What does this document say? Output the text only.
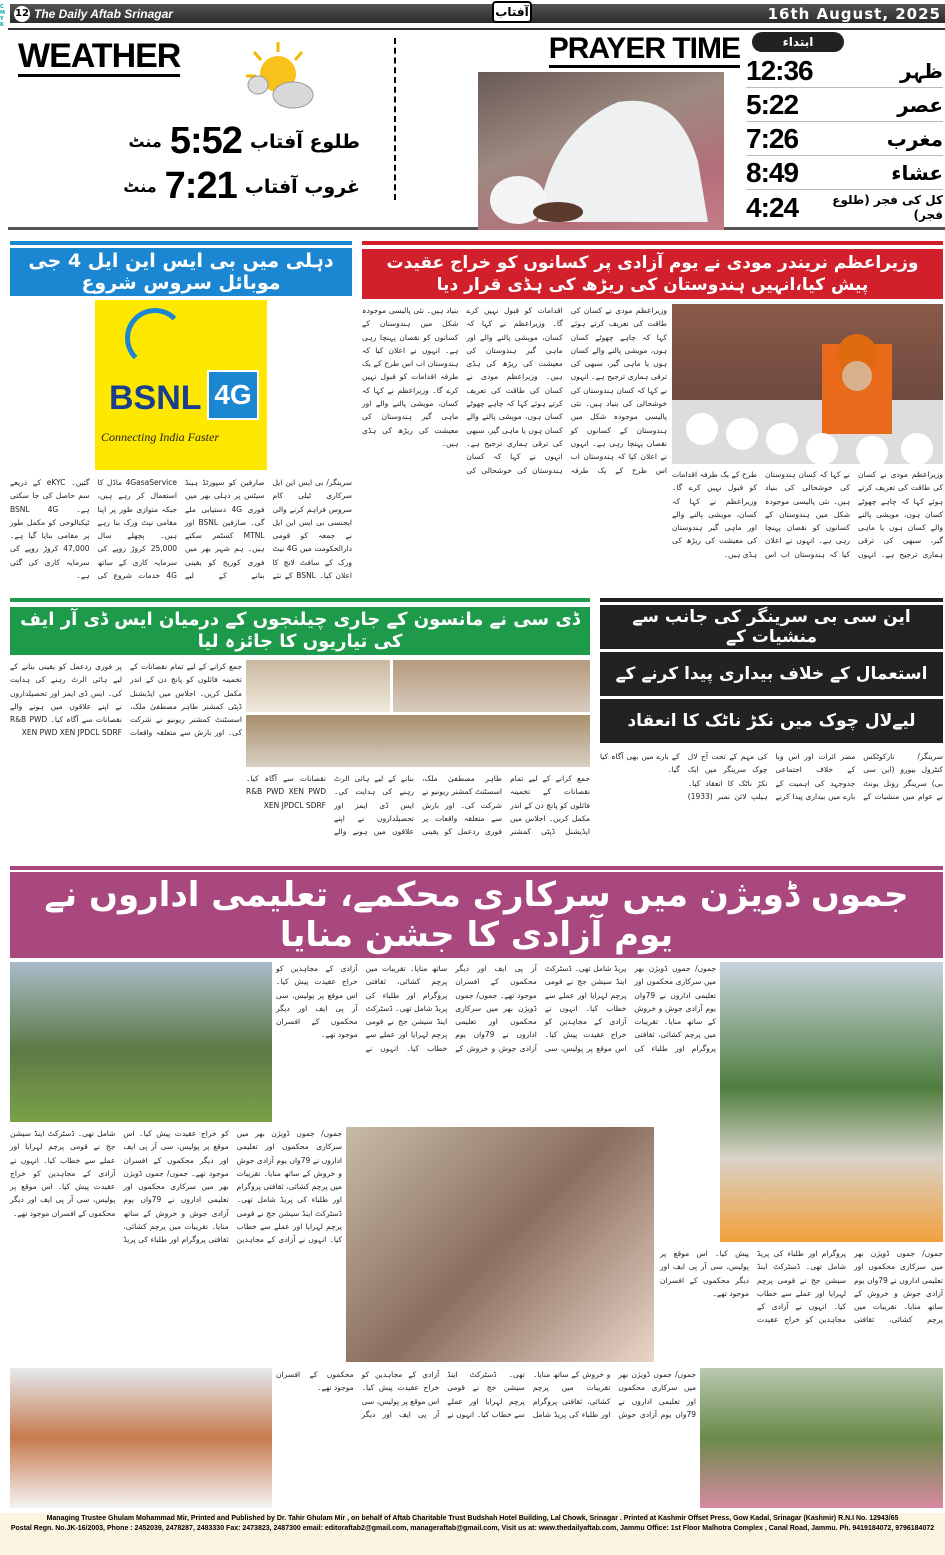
C
M
Y
K
12 The Daily Aftab Srinagar	16th August, 2025
آفتاب
WEATHER
منٹ 5:52 طلوع آفتاب
منٹ 7:21 غروب آفتاب
PRAYER TIME	ابتداء
12:36	ظہر
5:22	عصر
7:26	مغرب
8:49	عشاء
4:24	کل کی فجر (طلوع فجر)
دہلی میں بی ایس این ایل 4 جی موبائل سروس شروع
BSNL 4G
Connecting India Faster
سرینگر/ بی ایس این ایل سرکاری ٹیلی کام سروس فراہم کرنے والی ایجنسی بی ایس این ایل نے جمعہ کو قومی دارالحکومت میں 4G نیٹ ورک کے سافٹ لانچ کا اعلان کیا۔ BSNL کے نئے صارفین کو سپورٹڈ ہینڈ سیٹس پر دہلی بھر میں فوری 4G دستیابی ملے گی۔ صارفین BSNL اور MTNL کسٹمر سکتے ہیں۔ ہم شہر بھر میں فوری کوریج کو یقینی بنانے کے لیے 4GasaService ماڈل کا استعمال کر رہے ہیں، جبکہ متوازی طور پر اپنا مقامی نیٹ ورک بنا رہے ہیں۔ پچھلے سال 25,000 کروڑ روپے کی سرمایہ کاری کے ساتھ 4G خدمات شروع کی گئیں۔ eKYC کے ذریعے سم حاصل کی جا سکتی ہے۔ BSNL 4G ٹیکنالوجی کو مکمل طور پر مقامی بنایا گیا ہے۔ 47,000 کروڑ روپے کی سرمایہ کاری کی گئی ہے۔
وزیراعظم نریندر مودی نے یوم آزادی پر کسانوں کو خراج عقیدت پیش کیا،انہیں ہندوستان کی ریڑھ کی ہڈی قرار دیا
وزیراعظم مودی نے کسان کی طاقت کی تعریف کرتے ہوئے کہا کہ چاہے چھوٹے کسان ہوں، مویشی پالنے والے کسان ہوں یا ماہی گیر، سبھی کی ترقی ہماری ترجیح ہے۔ انہوں نے کہا کہ کسان ہندوستان کی خوشحالی کی بنیاد ہیں۔ نئی پالیسی موجودہ شکل میں ہندوستان کے کسانوں کو نقصان پہنچا رہی ہے۔ انہوں نے اعلان کیا کہ ہندوستان اب اس طرح کے یک طرفہ اقدامات کو قبول نہیں کرے گا۔ وزیراعظم نے کہا کہ کسان، مویشی پالنے والے اور ماہی گیر ہندوستان کی معیشت کی ریڑھ کی ہڈی ہیں۔ وزیراعظم مودی نے کسان کی طاقت کی تعریف کرتے ہوئے کہا کہ چاہے چھوٹے کسان ہوں، مویشی پالنے والے کسان ہوں یا ماہی گیر، سبھی کی ترقی ہماری ترجیح ہے۔ انہوں نے کہا کہ کسان ہندوستان کی خوشحالی کی بنیاد ہیں۔ نئی پالیسی موجودہ شکل میں ہندوستان کے کسانوں کو نقصان پہنچا رہی ہے۔ انہوں نے اعلان کیا کہ ہندوستان اب اس طرح کے یک طرفہ اقدامات کو قبول نہیں کرے گا۔ وزیراعظم نے کہا کہ کسان، مویشی پالنے والے اور ماہی گیر ہندوستان کی معیشت کی ریڑھ کی ہڈی ہیں۔
وزیراعظم مودی نے کسان کی طاقت کی تعریف کرتے ہوئے کہا کہ چاہے چھوٹے کسان ہوں، مویشی پالنے والے کسان ہوں یا ماہی گیر، سبھی کی ترقی ہماری ترجیح ہے۔ انہوں نے کہا کہ کسان ہندوستان کی خوشحالی کی بنیاد ہیں۔ نئی پالیسی موجودہ شکل میں ہندوستان کے کسانوں کو نقصان پہنچا رہی ہے۔ انہوں نے اعلان کیا کہ ہندوستان اب اس طرح کے یک طرفہ اقدامات کو قبول نہیں کرے گا۔ وزیراعظم نے کہا کہ کسان، مویشی پالنے والے اور ماہی گیر ہندوستان کی معیشت کی ریڑھ کی ہڈی ہیں۔
ڈی سی نے مانسون کے جاری چیلنجوں کے درمیان ایس ڈی آر ایف کی تیاریوں کا جائزہ لیا
جمع کرانے کے لیے تمام نقصانات کے تخمینہ فائلوں کو پانچ دن کے اندر مکمل کریں۔ اجلاس میں ایڈیشنل ڈپٹی کمشنر طاہر مصطفیٰ ملک، اسسٹنٹ کمشنر ریونیو نے شرکت کی۔ اور بارش سے متعلقہ واقعات پر فوری ردعمل کو یقینی بنانے کے لیے ہائی الرٹ رہنے کی ہدایت کی۔ ایس ڈی ایمز اور تحصیلداروں نے اپنے علاقوں میں ہونے والے نقصانات سے آگاہ کیا۔ R&B PWD XEN PWD XEN JPDCL SDRF
جمع کرانے کے لیے تمام نقصانات کے تخمینہ فائلوں کو پانچ دن کے اندر مکمل کریں۔ اجلاس میں ایڈیشنل ڈپٹی کمشنر طاہر مصطفیٰ ملک، اسسٹنٹ کمشنر ریونیو نے شرکت کی۔ اور بارش سے متعلقہ واقعات پر فوری ردعمل کو یقینی بنانے کے لیے ہائی الرٹ رہنے کی ہدایت کی۔ ایس ڈی ایمز اور تحصیلداروں نے اپنے علاقوں میں ہونے والے نقصانات سے آگاہ کیا۔ R&B PWD XEN PWD XEN JPDCL SDRF
این سی بی سرینگر کی جانب سے منشیات کے
استعمال کے خلاف بیداری پیدا کرنے کے
لیےلال چوک میں نکڑ ناٹک کا انعقاد
سرینگر/ نارکوٹکس کنٹرول بیورو (این سی بی) سرینگر زونل یونٹ نے عوام میں منشیات کے مضر اثرات اور اس وبا کے خلاف اجتماعی جدوجہد کی اہمیت کے بارے میں بیداری پیدا کرنے کی مہم کے تحت آج لال چوک سرینگر میں ایک نکڑ ناٹک کا انعقاد کیا۔ ہیلپ لائن نمبر (1933) کے بارے میں بھی آگاہ کیا گیا۔
جموں ڈویژن میں سرکاری محکمے، تعلیمی اداروں نے یوم آزادی کا جشن منایا
جموں/ جموں ڈویژن بھر میں سرکاری محکموں اور تعلیمی اداروں نے 79واں یوم آزادی جوش و خروش کے ساتھ منایا۔ تقریبات میں پرچم کشائی، ثقافتی پروگرام اور طلباء کی پریڈ شامل تھی۔ ڈسٹرکٹ اینڈ سیشن جج نے قومی پرچم لہرایا اور عملے سے خطاب کیا۔ انہوں نے آزادی کے مجاہدین کو خراج عقیدت پیش کیا۔ اس موقع پر پولیس، سی آر پی ایف اور دیگر محکموں کے افسران موجود تھے۔ جموں/ جموں ڈویژن بھر میں سرکاری محکموں اور تعلیمی اداروں نے 79واں یوم آزادی جوش و خروش کے ساتھ منایا۔ تقریبات میں پرچم کشائی، ثقافتی پروگرام اور طلباء کی پریڈ شامل تھی۔ ڈسٹرکٹ اینڈ سیشن جج نے قومی پرچم لہرایا اور عملے سے خطاب کیا۔ انہوں نے آزادی کے مجاہدین کو خراج عقیدت پیش کیا۔ اس موقع پر پولیس، سی آر پی ایف اور دیگر محکموں کے افسران موجود تھے۔
جموں/ جموں ڈویژن بھر میں سرکاری محکموں اور تعلیمی اداروں نے 79واں یوم آزادی جوش و خروش کے ساتھ منایا۔ تقریبات میں پرچم کشائی، ثقافتی پروگرام اور طلباء کی پریڈ شامل تھی۔ ڈسٹرکٹ اینڈ سیشن جج نے قومی پرچم لہرایا اور عملے سے خطاب کیا۔ انہوں نے آزادی کے مجاہدین کو خراج عقیدت پیش کیا۔ اس موقع پر پولیس، سی آر پی ایف اور دیگر محکموں کے افسران موجود تھے۔ جموں/ جموں ڈویژن بھر میں سرکاری محکموں اور تعلیمی اداروں نے 79واں یوم آزادی جوش و خروش کے ساتھ منایا۔ تقریبات میں پرچم کشائی، ثقافتی پروگرام اور طلباء کی پریڈ شامل تھی۔ ڈسٹرکٹ اینڈ سیشن جج نے قومی پرچم لہرایا اور عملے سے خطاب کیا۔ انہوں نے آزادی کے مجاہدین کو خراج عقیدت پیش کیا۔ اس موقع پر پولیس، سی آر پی ایف اور دیگر محکموں کے افسران موجود تھے۔
جموں/ جموں ڈویژن بھر میں سرکاری محکموں اور تعلیمی اداروں نے 79واں یوم آزادی جوش و خروش کے ساتھ منایا۔ تقریبات میں پرچم کشائی، ثقافتی پروگرام اور طلباء کی پریڈ شامل تھی۔ ڈسٹرکٹ اینڈ سیشن جج نے قومی پرچم لہرایا اور عملے سے خطاب کیا۔ انہوں نے آزادی کے مجاہدین کو خراج عقیدت پیش کیا۔ اس موقع پر پولیس، سی آر پی ایف اور دیگر محکموں کے افسران موجود تھے۔
جموں/ جموں ڈویژن بھر میں سرکاری محکموں اور تعلیمی اداروں نے 79واں یوم آزادی جوش و خروش کے ساتھ منایا۔ تقریبات میں پرچم کشائی، ثقافتی پروگرام اور طلباء کی پریڈ شامل تھی۔ ڈسٹرکٹ اینڈ سیشن جج نے قومی پرچم لہرایا اور عملے سے خطاب کیا۔ انہوں نے آزادی کے مجاہدین کو خراج عقیدت پیش کیا۔ اس موقع پر پولیس، سی آر پی ایف اور دیگر محکموں کے افسران موجود تھے۔
Managing Trustee Ghulam Mohammad Mir, Printed and Published by Dr. Tahir Ghulam Mir , on behalf of Aftab Charitable Trust Budshah Hotel Building, Lal Chowk, Srinagar . Printed at Kashmir Offset Press, Gow Kadal, Srinagar (Kashmir) R.N.I No. 12943/65
Postal Regn. No.JK-16/2003, Phone : 2452039, 2478287, 2483330 Fax: 2473823, 2487300 email: editoraftab2@gmail.com, manageraftab@gmail.com, Visit us at: www.thedailyaftab.com, Jammu Office: 1st Floor Malhotra Complex , Canal Road, Jammu. Ph. 9419184072, 9796184072
